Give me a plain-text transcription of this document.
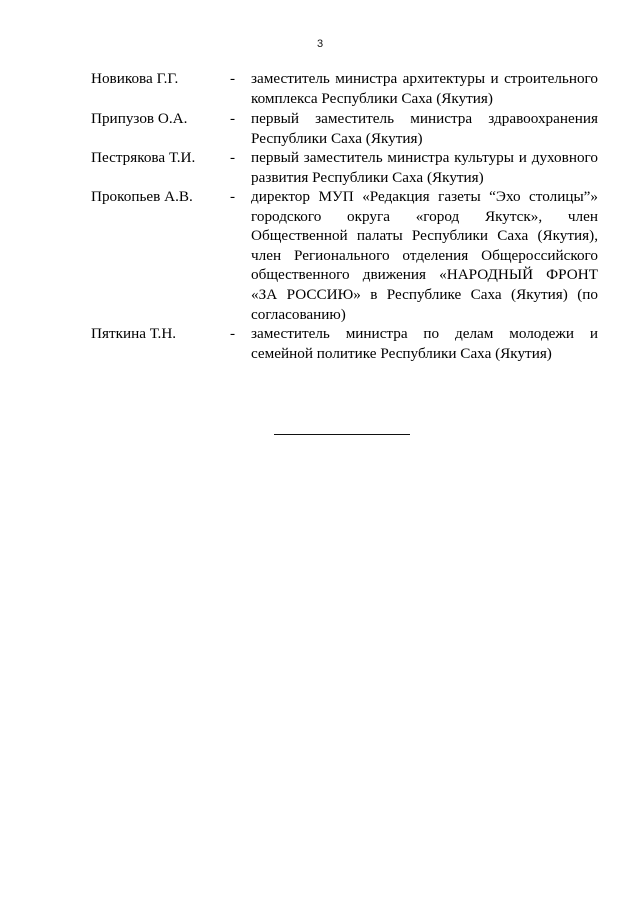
3
Новикова Г.Г.	- заместитель министра архитектуры и строительного комплекса Республики Саха (Якутия)
Припузов О.А.	- первый заместитель министра здравоохранения Республики Саха (Якутия)
Пестрякова Т.И. - первый заместитель министра культуры и духовного развития Республики Саха (Якутия)
Прокопьев А.В. - директор МУП «Редакция газеты “Эхо столицы”» городского округа «город Якутск», член Общественной палаты Республики Саха (Якутия), член Регионального отделения Общероссийского общественного движения «НАРОДНЫЙ ФРОНТ «ЗА РОССИЮ» в Республике Саха (Якутия) (по согласованию)
Пяткина Т.Н.	- заместитель министра по делам молодежи и семейной политике Республики Саха (Якутия)
